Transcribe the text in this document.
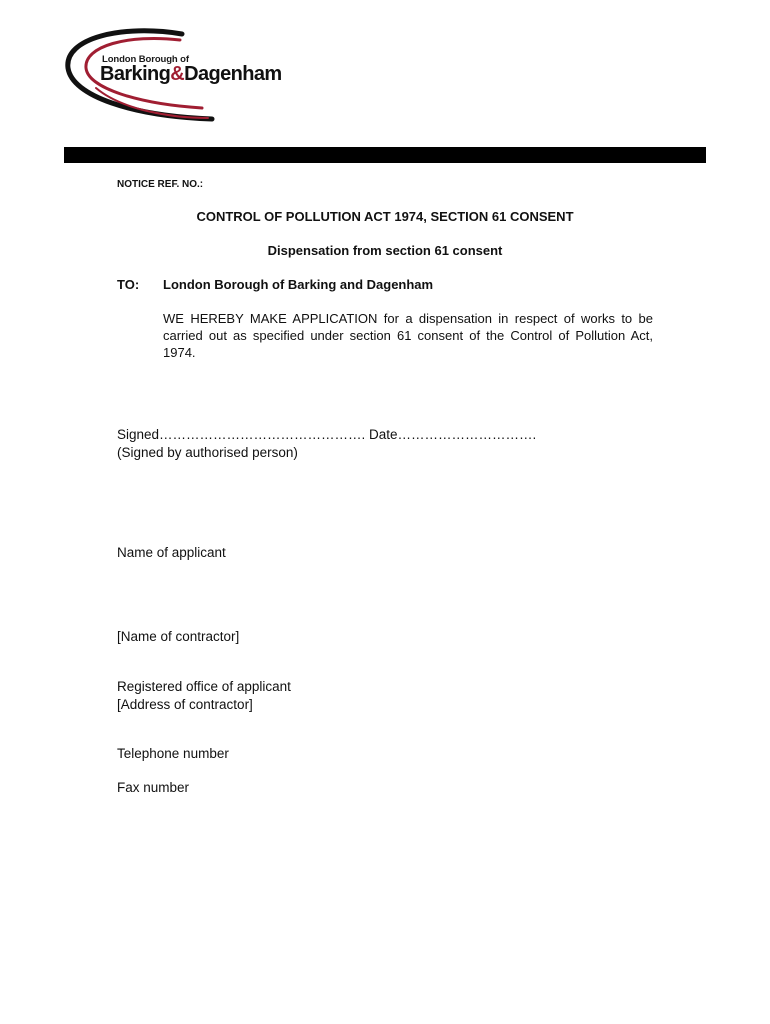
London Borough of
Barking&Dagenham
NOTICE REF. NO.:
CONTROL OF POLLUTION ACT 1974, SECTION 61 CONSENT
Dispensation from section 61 consent
TO: London Borough of Barking and Dagenham
WE HEREBY MAKE APPLICATION for a dispensation in respect of works to be carried out as specified under section 61 consent of the Control of Pollution Act, 1974.
Signed………………………………………. Date………………………….
(Signed by authorised person)
Name of applicant
[Name of contractor]
Registered office of applicant
[Address of contractor]
Telephone number
Fax number
